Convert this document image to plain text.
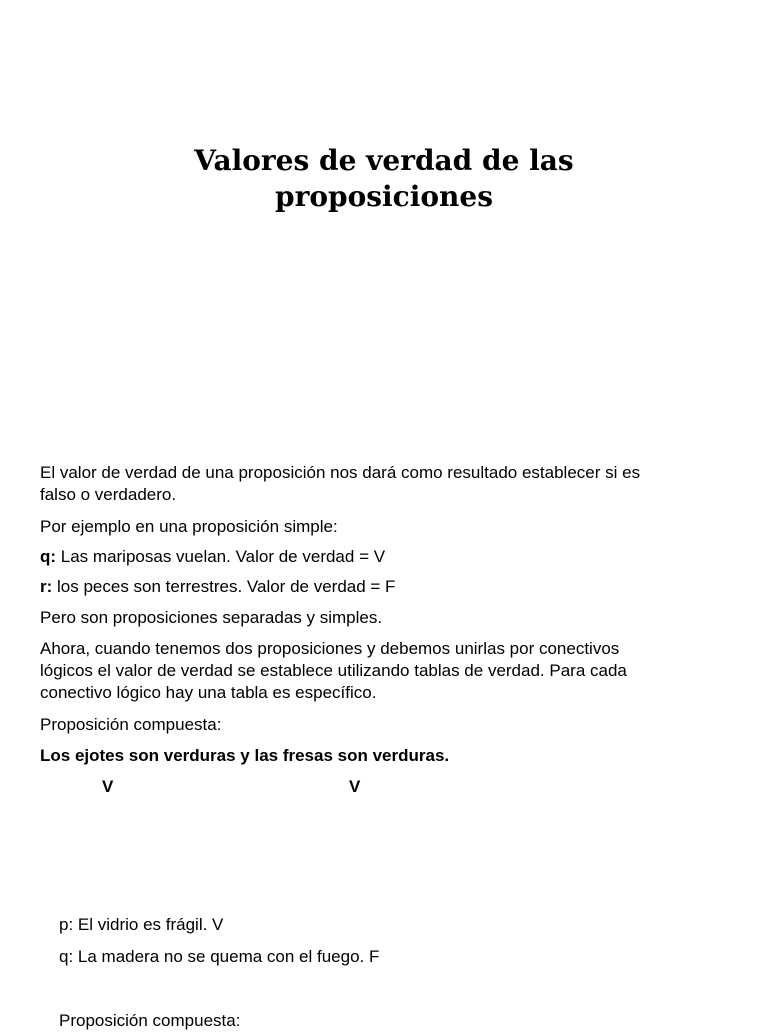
Valores de verdad de las
proposiciones

El valor de verdad de una proposición nos dará como resultado establecer si es
falso o verdadero.

Por ejemplo en una proposición simple:

q: Las mariposas vuelan. Valor de verdad = V

r: los peces son terrestres. Valor de verdad = F

Pero son proposiciones separadas y simples.

Ahora, cuando tenemos dos proposiciones y debemos unirlas por conectivos
lógicos el valor de verdad se establece utilizando tablas de verdad. Para cada
conectivo lógico hay una tabla es específico.

Proposición compuesta:

Los ejotes son verduras y las fresas son verduras.

V	V

p: El vidrio es frágil. V

q: La madera no se quema con el fuego. F

Proposición compuesta:
